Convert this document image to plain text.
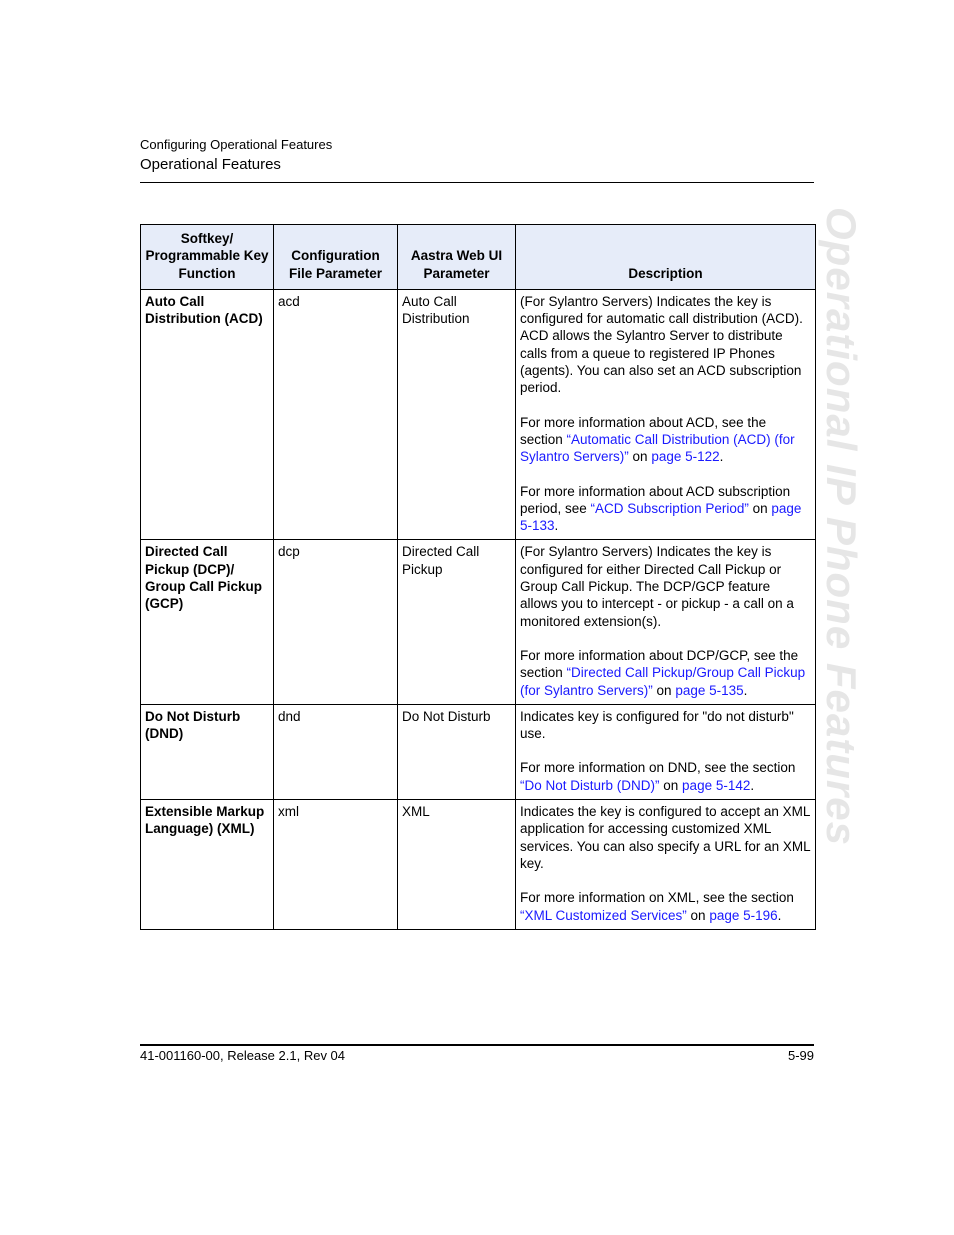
Configuring Operational Features
Operational Features
Operational IP Phone Features
Softkey/ Programmable Key Function	Configuration File Parameter	Aastra Web UI Parameter	Description
Auto Call Distribution (ACD)	acd	Auto Call Distribution	(For Sylantro Servers) Indicates the key is configured for automatic call distribution (ACD). ACD allows the Sylantro Server to distribute calls from a queue to registered IP Phones (agents). You can also set an ACD subscription period.

For more information about ACD, see the section “Automatic Call Distribution (ACD) (for Sylantro Servers)” on page 5-122.

For more information about ACD subscription period, see “ACD Subscription Period” on page 5-133.

Directed Call Pickup (DCP)/ Group Call Pickup (GCP)	dcp	Directed Call Pickup	(For Sylantro Servers) Indicates the key is configured for either Directed Call Pickup or Group Call Pickup. The DCP/GCP feature allows you to intercept - or pickup - a call on a monitored extension(s).

For more information about DCP/GCP, see the section “Directed Call Pickup/Group Call Pickup (for Sylantro Servers)” on page 5-135.

Do Not Disturb (DND)	dnd	Do Not Disturb	Indicates key is configured for "do not disturb" use.

For more information on DND, see the section “Do Not Disturb (DND)” on page 5-142.

Extensible Markup Language) (XML)	xml	XML	Indicates the key is configured to accept an XML application for accessing customized XML services. You can also specify a URL for an XML key.

For more information on XML, see the section “XML Customized Services” on page 5-196.

41-001160-00, Release 2.1, Rev 04	5-99
